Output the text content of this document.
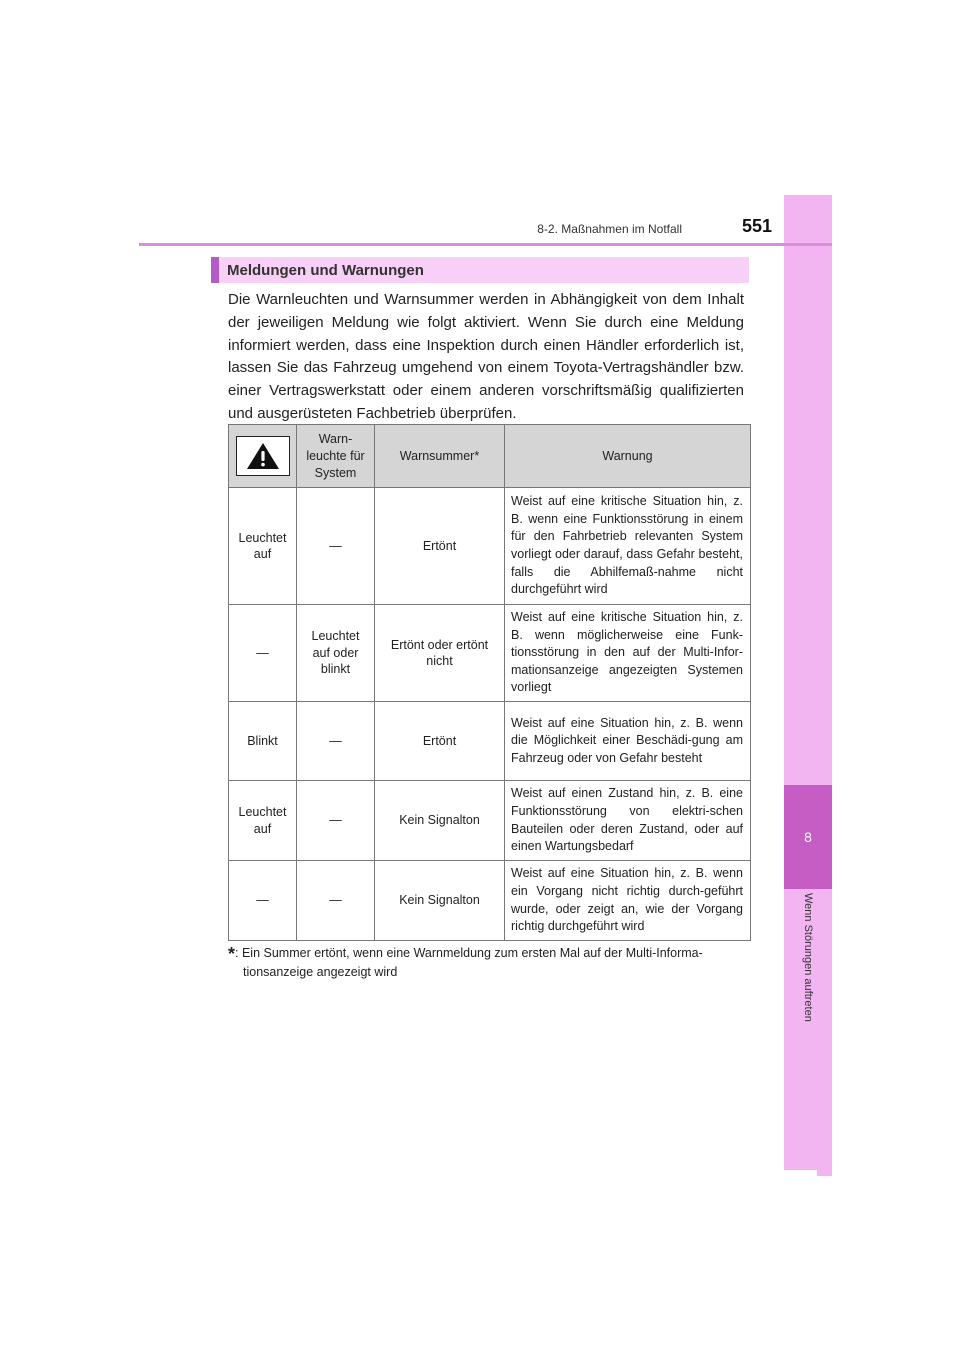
8
Wenn Störungen auftreten
8-2. Maßnahmen im Notfall	551
Meldungen und Warnungen
Die Warnleuchten und Warnsummer werden in Abhängigkeit von dem Inhalt der jeweiligen Meldung wie folgt aktiviert. Wenn Sie durch eine Meldung informiert werden, dass eine Inspektion durch einen Händler erforderlich ist, lassen Sie das Fahrzeug umgehend von einem Toyota-Vertragshändler bzw. einer Vertragswerkstatt oder einem anderen vorschriftsmäßig qualifizierten und ausgerüsteten Fachbetrieb überprüfen.
	Warn-
leuchte für
System	Warnsummer*	Warnung
Leuchtet
auf	—	Ertönt	Weist auf eine kritische Situation hin, z. B. wenn eine Funktionsstörung in einem für den Fahrbetrieb relevanten System vorliegt oder darauf, dass Gefahr besteht, falls die Abhilfemaß-nahme nicht durchgeführt wird
—	Leuchtet
auf oder
blinkt	Ertönt oder ertönt
nicht	Weist auf eine kritische Situation hin, z. B. wenn möglicherweise eine Funk-tionsstörung in den auf der Multi-Infor-mationsanzeige angezeigten Systemen vorliegt
Blinkt	—	Ertönt	Weist auf eine Situation hin, z. B. wenn die Möglichkeit einer Beschädi-gung am Fahrzeug oder von Gefahr besteht
Leuchtet
auf	—	Kein Signalton	Weist auf einen Zustand hin, z. B. eine Funktionsstörung von elektri-schen Bauteilen oder deren Zustand, oder auf einen Wartungsbedarf
—	—	Kein Signalton	Weist auf eine Situation hin, z. B. wenn ein Vorgang nicht richtig durch-geführt wurde, oder zeigt an, wie der Vorgang richtig durchgeführt wird
*: Ein Summer ertönt, wenn eine Warnmeldung zum ersten Mal auf der Multi-Informa-
tionsanzeige angezeigt wird
